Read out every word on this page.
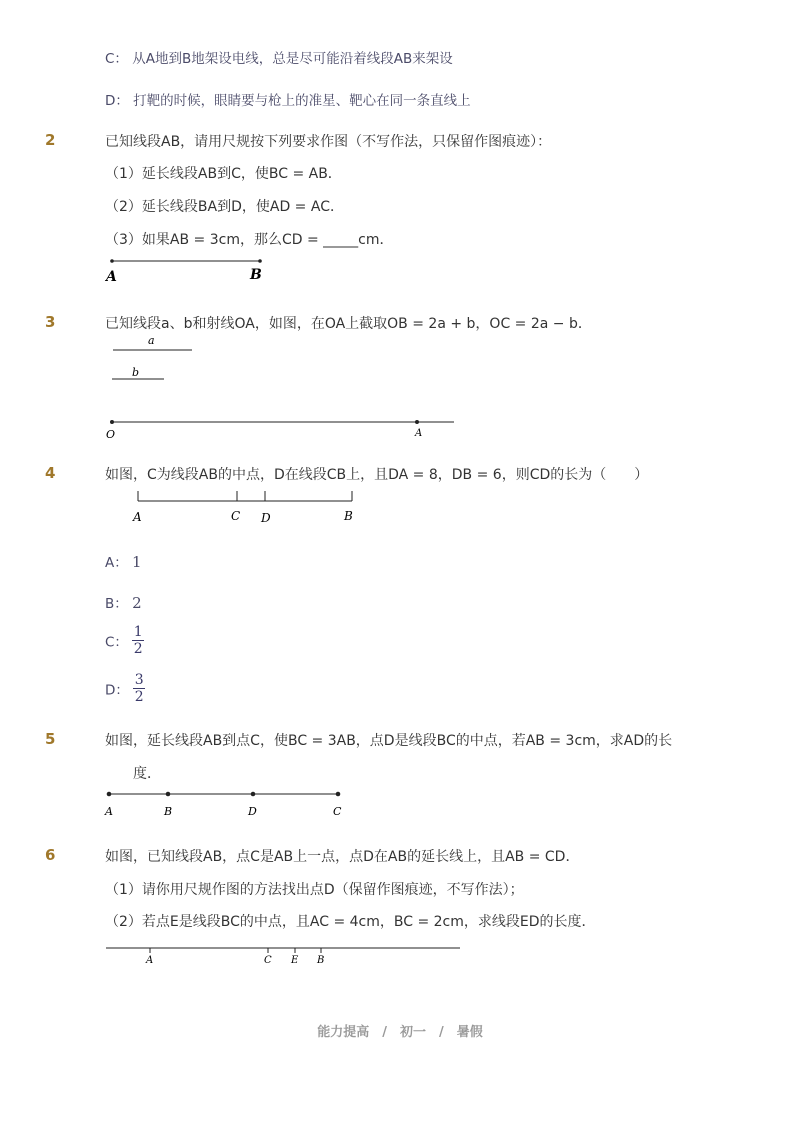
C： 从A地到B地架设电线，总是尽可能沿着线段AB来架设
D： 打靶的时候，眼睛要与枪上的准星、靶心在同一条直线上
2	已知线段AB，请用尺规按下列要求作图（不写作法，只保留作图痕迹）：
（1）延长线段AB到C，使BC = AB．
（2）延长线段BA到D，使AD = AC．
（3）如果AB = 3cm，那么CD = _____cm．
A	B
3	已知线段a、b和射线OA，如图，在OA上截取OB = 2a + b，OC = 2a − b．
a
b
O	A
4	如图，C为线段AB的中点，D在线段CB上，且DA = 8，DB = 6，则CD的长为（　　）
A	C D	B
A： 1
B： 2
C： $\frac{1}{2}$
D： $\frac{3}{2}$
5	如图，延长线段AB到点C，使BC = 3AB，点D是线段BC的中点，若AB = 3cm，求AD的长
度．
A	B	D	C
6	如图，已知线段AB，点C是AB上一点，点D在AB的延长线上，且AB = CD．
（1）请你用尺规作图的方法找出点D（保留作图痕迹，不写作法）；
（2）若点E是线段BC的中点，且AC = 4cm，BC = 2cm，求线段ED的长度．
A	C E B
能力提高　/　初一　/　暑假
